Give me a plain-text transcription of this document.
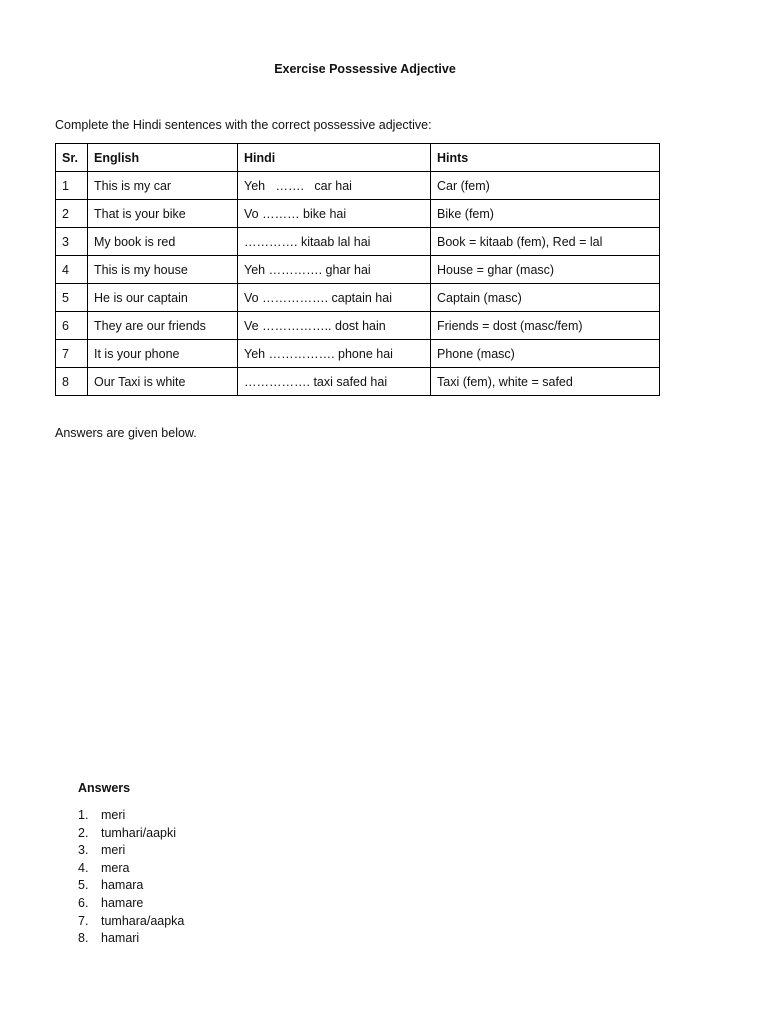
Exercise Possessive Adjective
Complete the Hindi sentences with the correct possessive adjective:
Sr.	English	Hindi	Hints
1	This is my car	Yeh   …….   car hai	Car (fem)
2	That is your bike	Vo ……… bike hai	Bike (fem)
3	My book is red	…………. kitaab lal hai	Book = kitaab (fem), Red = lal
4	This is my house	Yeh …………. ghar hai	House = ghar (masc)
5	He is our captain	Vo ……………. captain hai	Captain (masc)
6	They are our friends	Ve …………….. dost hain	Friends = dost (masc/fem)
7	It is your phone	Yeh ……………. phone hai	Phone (masc)
8	Our Taxi is white	……………. taxi safed hai	Taxi (fem), white = safed
Answers are given below.
Answers
1.	meri
2.	tumhari/aapki
3.	meri
4.	mera
5.	hamara
6.	hamare
7.	tumhara/aapka
8.	hamari
